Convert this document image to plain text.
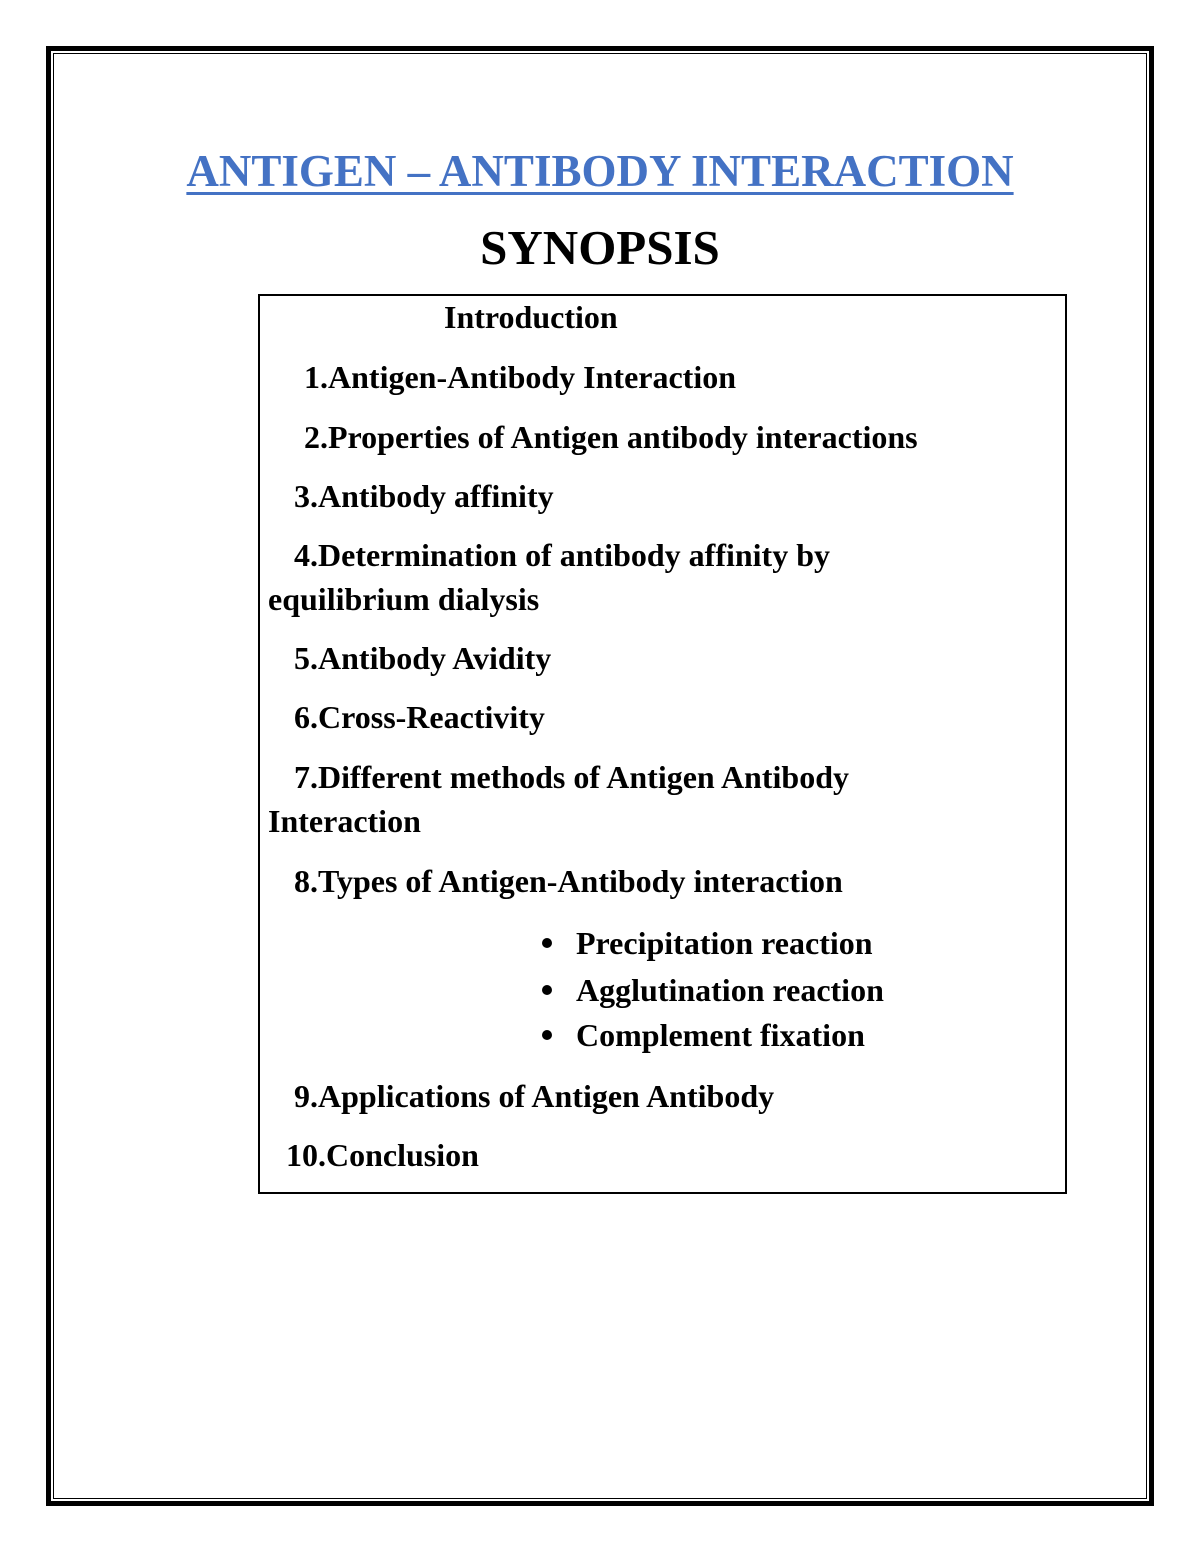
ANTIGEN – ANTIBODY INTERACTION
SYNOPSIS

Introduction

1.Antigen-Antibody Interaction

2.Properties of Antigen antibody interactions

3.Antibody affinity

4.Determination of antibody affinity by

equilibrium dialysis

5.Antibody Avidity

6.Cross-Reactivity

7.Different methods of Antigen Antibody

Interaction

8.Types of Antigen-Antibody interaction

Precipitation reaction
Agglutination reaction
Complement fixation

9.Applications of Antigen Antibody

10.Conclusion
